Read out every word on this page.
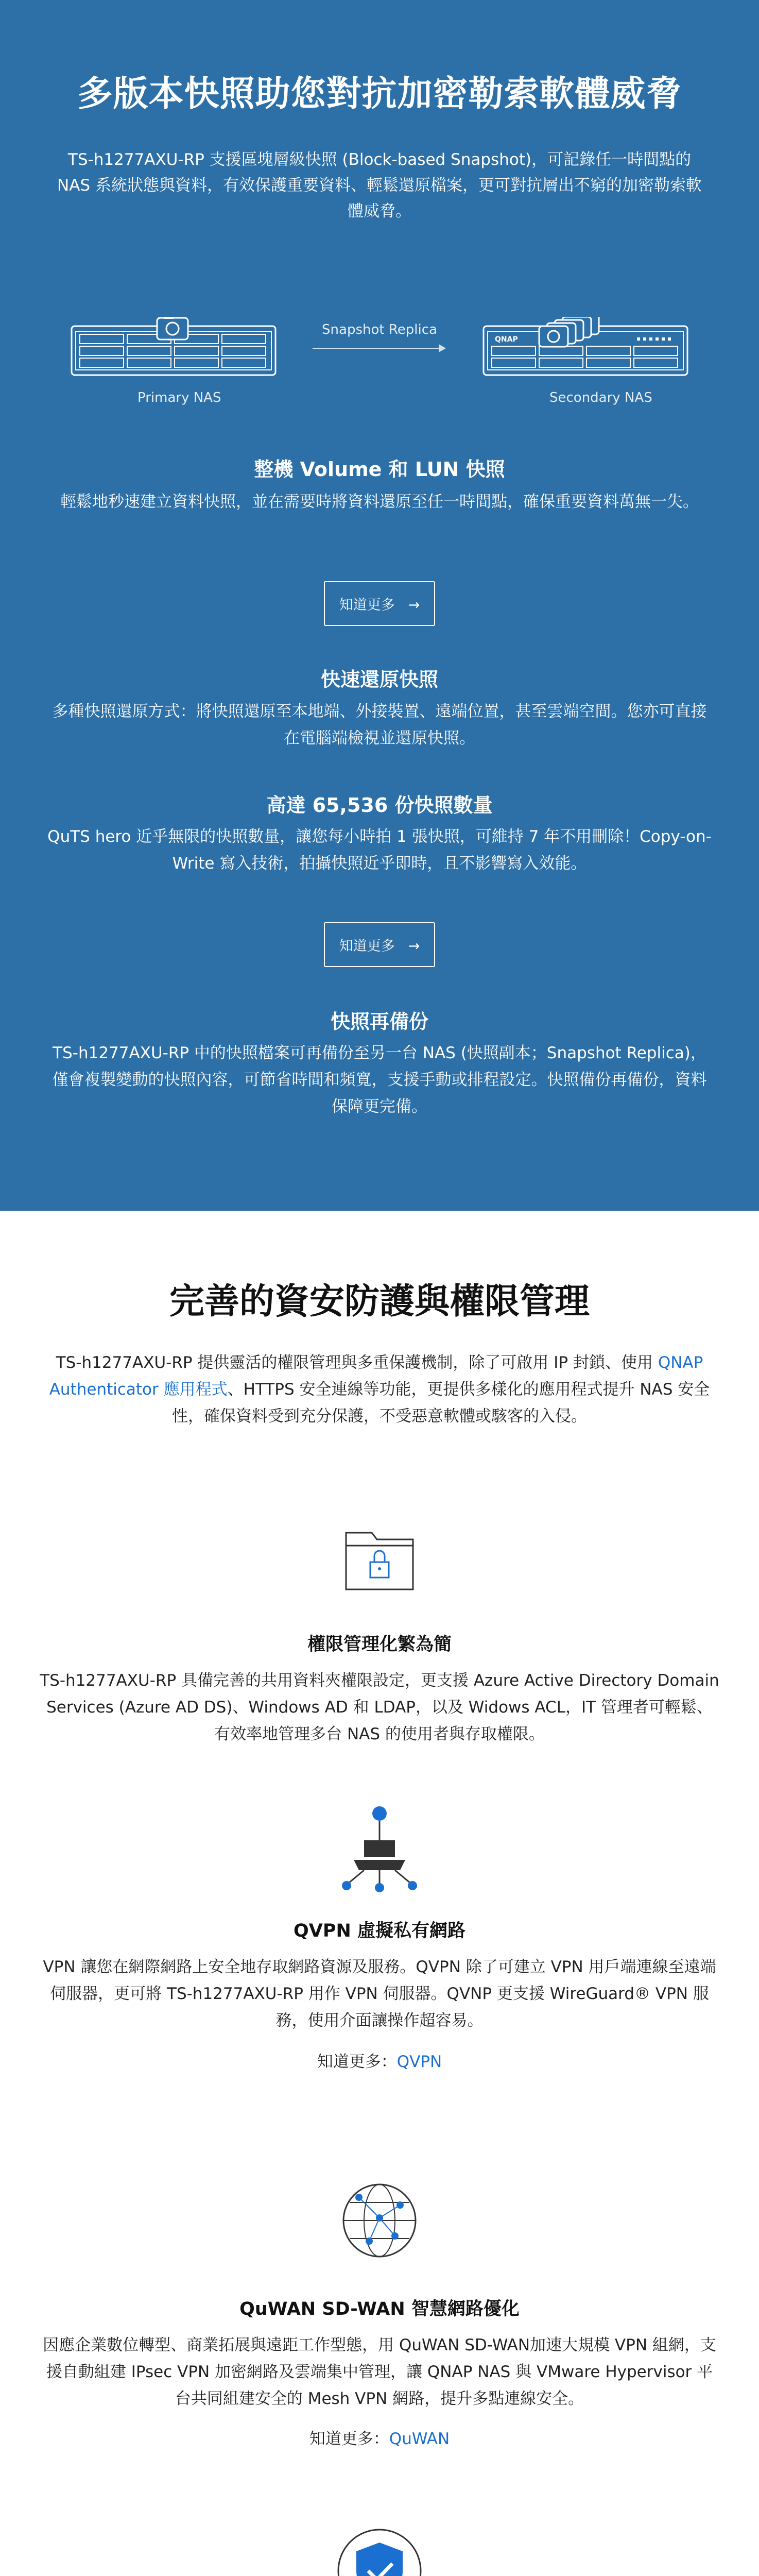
多版本快照助您對抗加密勒索軟體威脅
TS-h1277AXU-RP 支援區塊層級快照 (Block-based Snapshot)，可記錄任一時間點的 NAS 系統狀態與資料，有效保護重要資料、輕鬆還原檔案，更可對抗層出不窮的加密勒索軟體威脅。
Primary NAS
Snapshot Replica
QNAP
Secondary NAS
整機 Volume 和 LUN 快照

輕鬆地秒速建立資料快照，並在需要時將資料還原至任一時間點，確保重要資料萬無一失。

知道更多 →
快速還原快照

多種快照還原方式：將快照還原至本地端、外接裝置、遠端位置，甚至雲端空間。您亦可直接在電腦端檢視並還原快照。

高達 65,536 份快照數量

QuTS hero 近乎無限的快照數量，讓您每小時拍 1 張快照，可維持 7 年不用刪除！Copy-on-Write 寫入技術，拍攝快照近乎即時，且不影響寫入效能。

知道更多 →
快照再備份

TS-h1277AXU-RP 中的快照檔案可再備份至另一台 NAS (快照副本；Snapshot Replica)，僅會複製變動的快照內容，可節省時間和頻寬，支援手動或排程設定。快照備份再備份，資料保障更完備。

完善的資安防護與權限管理
TS-h1277AXU-RP 提供靈活的權限管理與多重保護機制，除了可啟用 IP 封鎖、使用 QNAP Authenticator 應用程式、HTTPS 安全連線等功能，更提供多樣化的應用程式提升 NAS 安全性，確保資料受到充分保護，不受惡意軟體或駭客的入侵。
權限管理化繁為簡

TS-h1277AXU-RP 具備完善的共用資料夾權限設定，更支援 Azure Active Directory Domain Services (Azure AD DS)、Windows AD 和 LDAP，以及 Widows ACL，IT 管理者可輕鬆、有效率地管理多台 NAS 的使用者與存取權限。

QVPN 虛擬私有網路

VPN 讓您在網際網路上安全地存取網路資源及服務。QVPN 除了可建立 VPN 用戶端連線至遠端伺服器，更可將 TS-h1277AXU-RP 用作 VPN 伺服器。QVNP 更支援 WireGuard® VPN 服務，使用介面讓操作超容易。

知道更多：QVPN
QuWAN SD-WAN 智慧網路優化

因應企業數位轉型、商業拓展與遠距工作型態，用 QuWAN SD-WAN加速大規模 VPN 組網，支援自動組建 IPsec VPN 加密網路及雲端集中管理，讓 QNAP NAS 與 VMware Hypervisor 平台共同組建安全的 Mesh VPN 網路，提升多點連線安全。

知道更多：QuWAN
